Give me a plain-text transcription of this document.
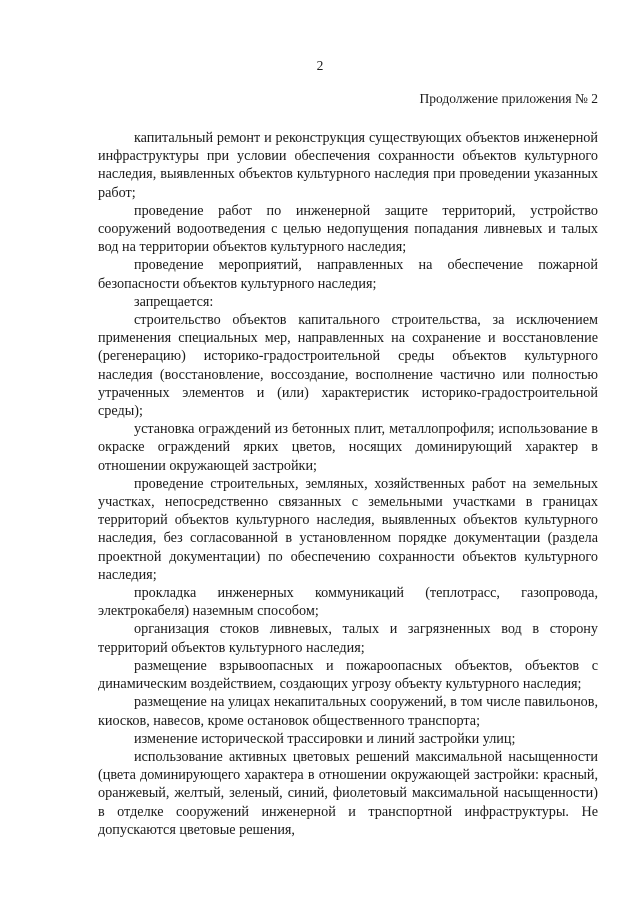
2
Продолжение приложения № 2

капитальный ремонт и реконструкция существующих объектов инженерной инфраструктуры при условии обеспечения сохранности объектов культурного наследия, выявленных объектов культурного наследия при проведении указанных работ;

проведение работ по инженерной защите территорий, устройство сооружений водоотведения с целью недопущения попадания ливневых и талых вод на территории объектов культурного наследия;

проведение мероприятий, направленных на обеспечение пожарной безопасности объектов культурного наследия;

запрещается:

строительство объектов капитального строительства, за исключением применения специальных мер, направленных на сохранение и восстановление (регенерацию) историко-градостроительной среды объектов культурного наследия (восстановление, воссоздание, восполнение частично или полностью утраченных элементов и (или) характеристик историко-градостроительной среды);

установка ограждений из бетонных плит, металлопрофиля; использование в окраске ограждений ярких цветов, носящих доминирующий характер в отношении окружающей застройки;

проведение строительных, земляных, хозяйственных работ на земельных участках, непосредственно связанных с земельными участками в границах территорий объектов культурного наследия, выявленных объектов культурного наследия, без согласованной в установленном порядке документации (раздела проектной документации) по обеспечению сохранности объектов культурного наследия;

прокладка инженерных коммуникаций (теплотрасс, газопровода, электрокабеля) наземным способом;

организация стоков ливневых, талых и загрязненных вод в сторону территорий объектов культурного наследия;

размещение взрывоопасных и пожароопасных объектов, объектов с динамическим воздействием, создающих угрозу объекту культурного наследия;

размещение на улицах некапитальных сооружений, в том числе павильонов, киосков, навесов, кроме остановок общественного транспорта;

изменение исторической трассировки и линий застройки улиц;

использование активных цветовых решений максимальной насыщенности (цвета доминирующего характера в отношении окружающей застройки: красный, оранжевый, желтый, зеленый, синий, фиолетовый максимальной насыщенности) в отделке сооружений инженерной и транспортной инфраструктуры. Не допускаются цветовые решения,
